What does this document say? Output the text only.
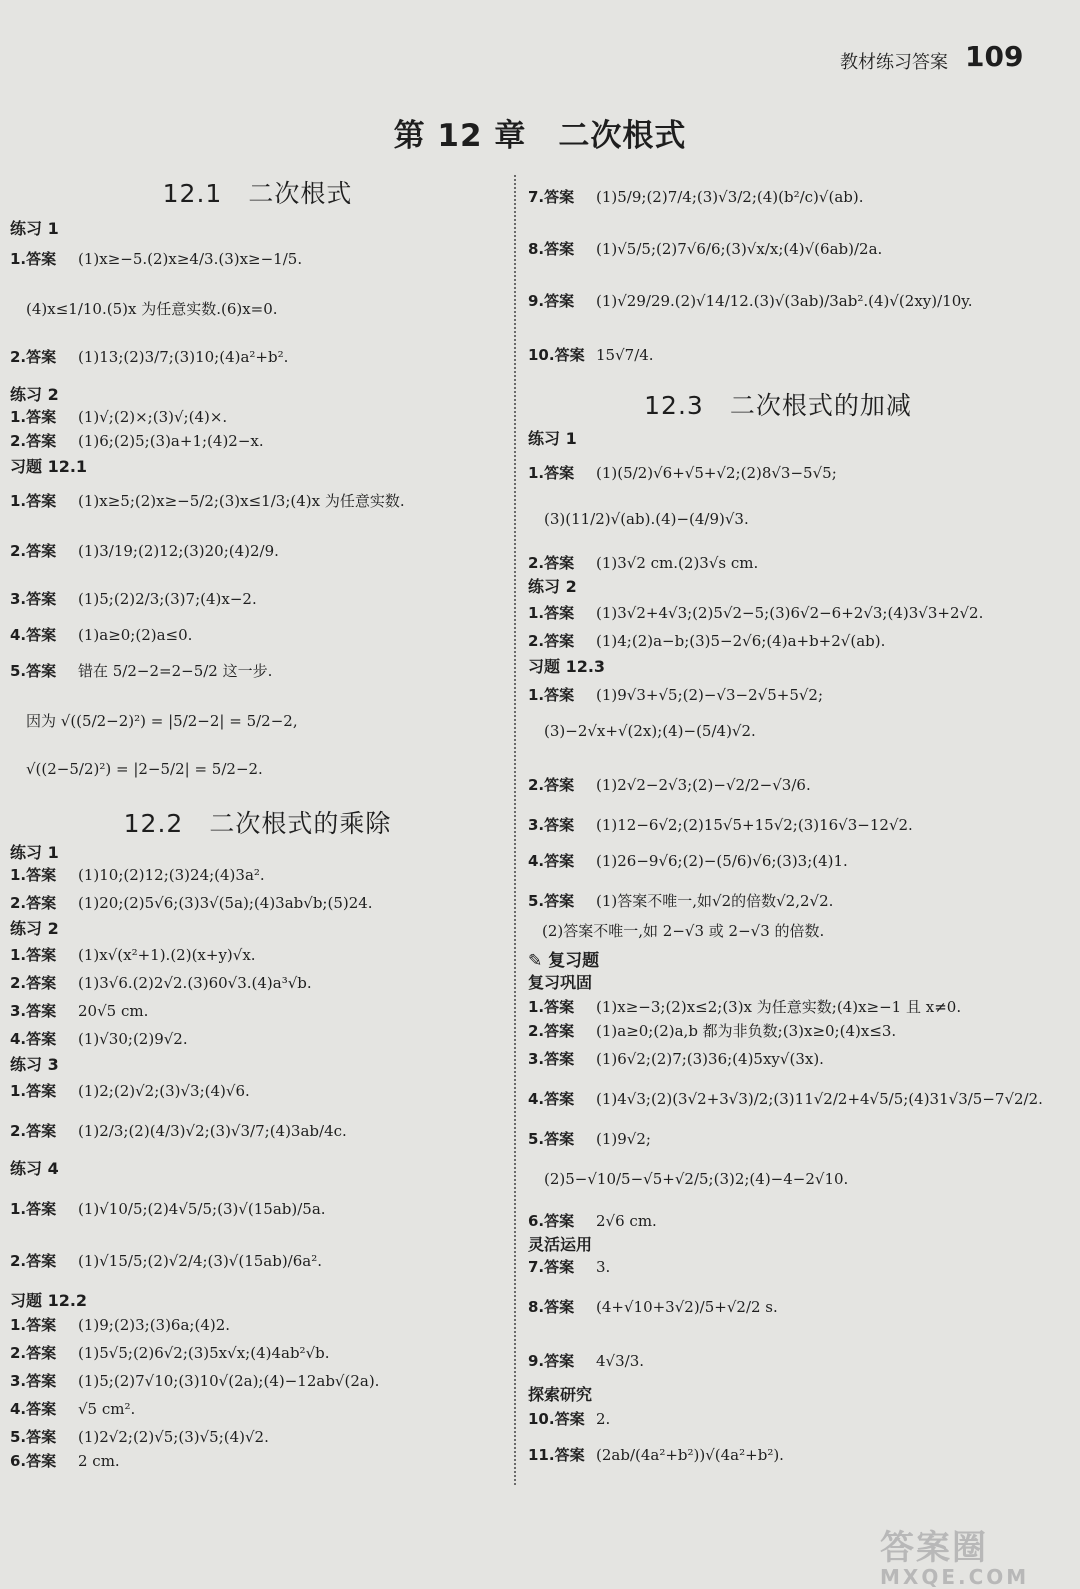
教材练习答案 109
第 12 章　二次根式
12.1　二次根式
练习 1
1.答案 (1)x≥−5.(2)x≥4/3.(3)x≥−1/5.
(4)x≤1/10.(5)x 为任意实数.(6)x=0.
2.答案 (1)13;(2)3/7;(3)10;(4)a²+b².
练习 2
1.答案 (1)√;(2)×;(3)√;(4)×.
2.答案 (1)6;(2)5;(3)a+1;(4)2−x.
习题 12.1
1.答案 (1)x≥5;(2)x≥−5/2;(3)x≤1/3;(4)x 为任意实数.
2.答案 (1)3/19;(2)12;(3)20;(4)2/9.
3.答案 (1)5;(2)2/3;(3)7;(4)x−2.
4.答案 (1)a≥0;(2)a≤0.
5.答案 错在 5/2−2=2−5/2 这一步.
因为 √((5/2−2)²) = |5/2−2| = 5/2−2,
√((2−5/2)²) = |2−5/2| = 5/2−2.
12.2　二次根式的乘除
练习 1
1.答案 (1)10;(2)12;(3)24;(4)3a².
2.答案 (1)20;(2)5√6;(3)3√(5a);(4)3ab√b;(5)24.
练习 2
1.答案 (1)x√(x²+1).(2)(x+y)√x.
2.答案 (1)3√6.(2)2√2.(3)60√3.(4)a³√b.
3.答案 20√5 cm.
4.答案 (1)√30;(2)9√2.
练习 3
1.答案 (1)2;(2)√2;(3)√3;(4)√6.
2.答案 (1)2/3;(2)(4/3)√2;(3)√3/7;(4)3ab/4c.
练习 4
1.答案 (1)√10/5;(2)4√5/5;(3)√(15ab)/5a.
2.答案 (1)√15/5;(2)√2/4;(3)√(15ab)/6a².
习题 12.2
1.答案 (1)9;(2)3;(3)6a;(4)2.
2.答案 (1)5√5;(2)6√2;(3)5x√x;(4)4ab²√b.
3.答案 (1)5;(2)7√10;(3)10√(2a);(4)−12ab√(2a).
4.答案 √5 cm².
5.答案 (1)2√2;(2)√5;(3)√5;(4)√2.
6.答案 2 cm.
7.答案 (1)5/9;(2)7/4;(3)√3/2;(4)(b²/c)√(ab).
8.答案 (1)√5/5;(2)7√6/6;(3)√x/x;(4)√(6ab)/2a.
9.答案 (1)√29/29.(2)√14/12.(3)√(3ab)/3ab².(4)√(2xy)/10y.
10.答案 15√7/4.
12.3　二次根式的加减
练习 1
1.答案 (1)(5/2)√6+√5+√2;(2)8√3−5√5;
(3)(11/2)√(ab).(4)−(4/9)√3.
2.答案 (1)3√2 cm.(2)3√s cm.
练习 2
1.答案 (1)3√2+4√3;(2)5√2−5;(3)6√2−6+2√3;(4)3√3+2√2.
2.答案 (1)4;(2)a−b;(3)5−2√6;(4)a+b+2√(ab).
习题 12.3
1.答案 (1)9√3+√5;(2)−√3−2√5+5√2;
(3)−2√x+√(2x);(4)−(5/4)√2.
2.答案 (1)2√2−2√3;(2)−√2/2−√3/6.
3.答案 (1)12−6√2;(2)15√5+15√2;(3)16√3−12√2.
4.答案 (1)26−9√6;(2)−(5/6)√6;(3)3;(4)1.
5.答案 (1)答案不唯一,如√2的倍数√2,2√2.
(2)答案不唯一,如 2−√3 或 2−√3 的倍数.
✎ 复习题
复习巩固
1.答案 (1)x≥−3;(2)x≤2;(3)x 为任意实数;(4)x≥−1 且 x≠0.
2.答案 (1)a≥0;(2)a,b 都为非负数;(3)x≥0;(4)x≤3.
3.答案 (1)6√2;(2)7;(3)36;(4)5xy√(3x).
4.答案 (1)4√3;(2)(3√2+3√3)/2;(3)11√2/2+4√5/5;(4)31√3/5−7√2/2.
5.答案 (1)9√2;
(2)5−√10/5−√5+√2/5;(3)2;(4)−4−2√10.
6.答案 2√6 cm.
灵活运用
7.答案 3.
8.答案 (4+√10+3√2)/5+√2/2 s.
9.答案 4√3/3.
探索研究
10.答案 2.
11.答案 (2ab/(4a²+b²))√(4a²+b²).
答案圈
MXQE.COM
